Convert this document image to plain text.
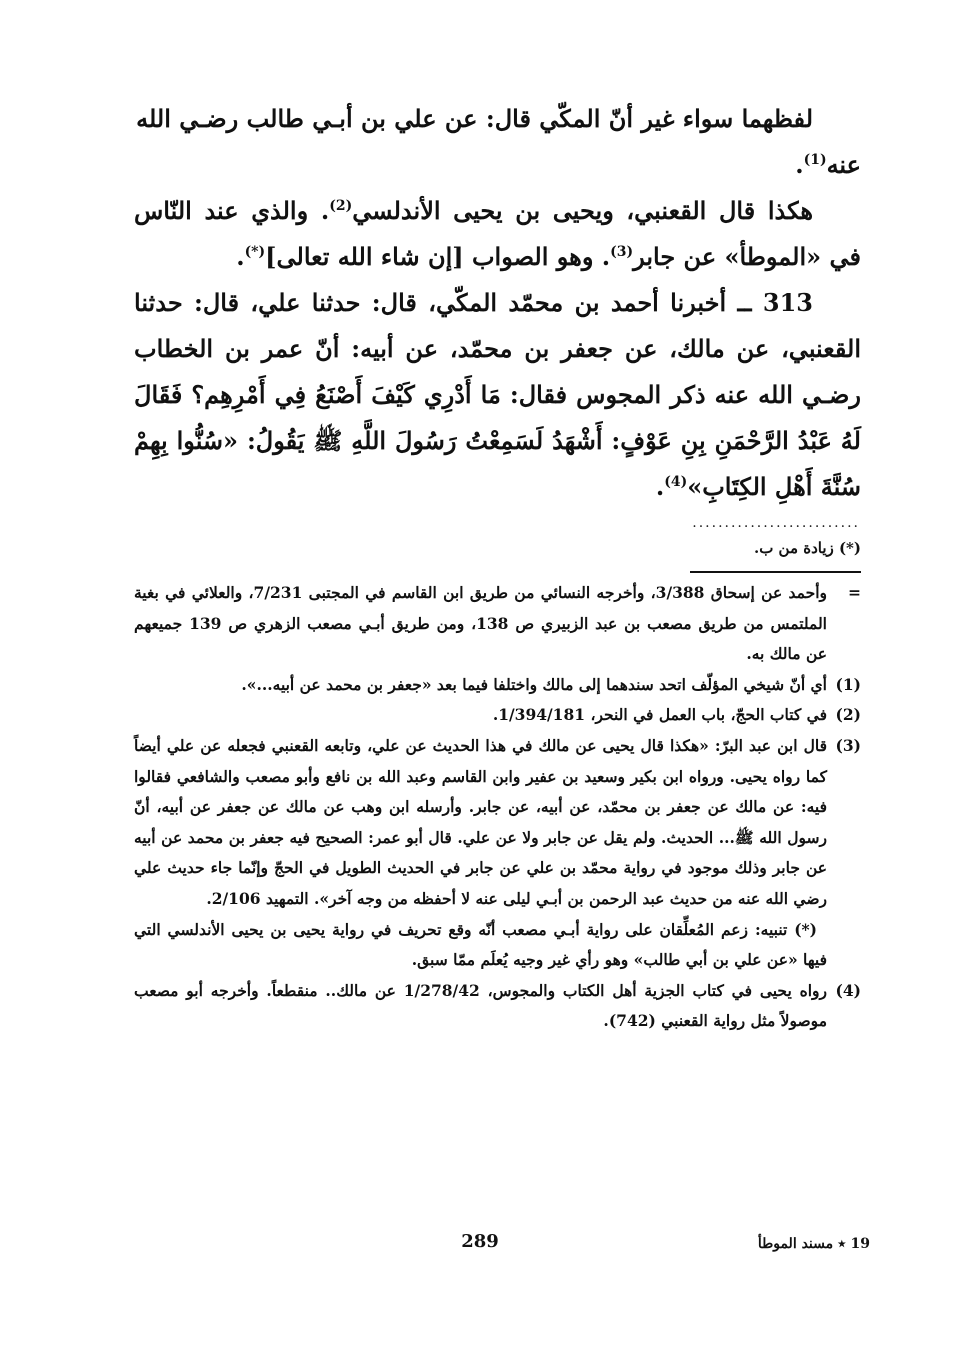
لفظهما سواء غير أنّ المكّي قال: عن علي بن أبـي طالب رضـي الله

عنه$^{(1)}$.

هكذا قال القعنبي، ويحيى بن يحيى الأندلسي$^{(2)}$. والذي عند النّاس في «الموطأ» عن جابر$^{(3)}$. وهو الصواب [إن شاء الله تعالى](*).

313 ــ أخبرنا أحمد بن محمّد المكّي، قال: حدثنا علي، قال: حدثنا القعنبي، عن مالك، عن جعفر بن محمّد، عن أبيه: أنّ عمر بن الخطاب رضـي الله عنه ذكر المجوس فقال: مَا أَدْرِي كَيْفَ أَصْنَعُ فِي أَمْرِهِم؟ فَقَالَ لَهُ عَبْدُ الرَّحْمَنِ بِنِ عَوْفٍ: أَشْهَدُ لَسَمِعْتُ رَسُولَ اللَّهِ ﷺ يَقُولُ: «سُنُّوا بِهِمْ سُنَّةَ أَهْلِ الكِتَابِ»$^{(4)}$.

..........................
(*) زيادة من ب.
=
وأحمد عن إسحاق 3/388، وأخرجه النسائي من طريق ابن القاسم في المجتبى 7/231، والعلائي في بغية الملتمس من طريق مصعب بن عبد الزبيري ص 138، ومن طريق أبـي مصعب الزهري ص 139 جميعهم عن مالك به.
(1)
أي أنّ شيخي المؤلّف اتحد سندهما إلى مالك واختلفا فيما بعد «جعفر بن محمد عن أبيه...».
(2)
في كتاب الحجّ، باب العمل في النحر، 1/394/181.
(3)
قال ابن عبد البرّ: «هكذا قال يحيى عن مالك في هذا الحديث عن علي، وتابعه القعنبي فجعله عن علي أيضاً كما رواه يحيى. ورواه ابن بكير وسعيد بن عفير وابن القاسم وعبد الله بن نافع وأبو مصعب والشافعي فقالوا فيه: عن مالك عن جعفر بن محمّد، عن أبيه، عن جابر. وأرسله ابن وهب عن مالك عن جعفر عن أبيه، أنّ رسول الله ﷺ... الحديث. ولم يقل عن جابر ولا عن علي. قال أبو عمر: الصحيح فيه جعفر بن محمد عن أبيه عن جابر وذلك موجود في رواية محمّد بن علي عن جابر في الحديث الطويل في الحجّ وإنّما جاء حديث علي رضي الله عنه من حديث عبد الرحمن بن أبـي ليلى عنه لا أحفظه من وجه آخر». التمهيد 2/106.
(*) تنبيه: زعم المُعلِّقان على رواية أبـي مصعب أنّه وقع تحريف في رواية يحيى بن يحيى الأندلسي التي فيها «عن علي بن أبي طالب» وهو رأي غير وجيه يُعلَم ممّا سبق.
(4)
رواه يحيى في كتاب الجزية أهل الكتاب والمجوس، 1/278/42 عن مالك.. منقطعاً. وأخرجه أبو مصعب موصولاً مثل رواية القعنبي (742).
289	19 ٭ مسند الموطأ
